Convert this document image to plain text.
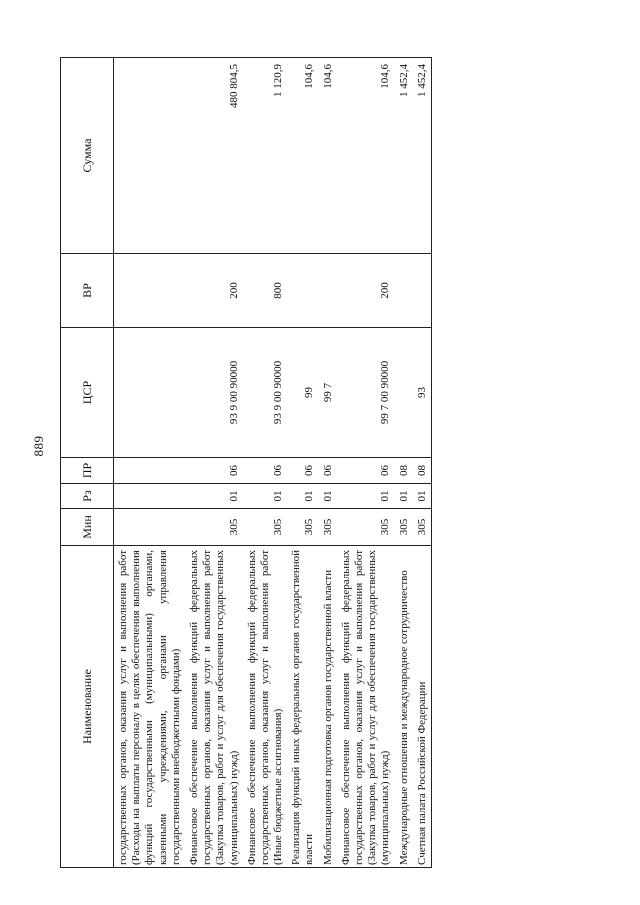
889
Наименование	Мин	Рз	ПР	ЦСР	ВР	Сумма
государственных органов, оказания услуг и выполнения работ (Расходы на выплаты персоналу в целях обеспечения выполнения функций государственными (муниципальными) органами, казенными учреждениями, органами управления государственными внебюджетными фондами)						
Финансовое обеспечение выполнения функций федеральных государственных органов, оказания услуг и выполнения работ (Закупка товаров, работ и услуг для обеспечения государственных (муниципальных) нужд)	305	01	06	93 9 00 90000	200	480 804,5
Финансовое обеспечение выполнения функций федеральных государственных органов, оказания услуг и выполнения работ (Иные бюджетные ассигнования)	305	01	06	93 9 00 90000	800	1 120,9
Реализация функций иных федеральных органов государственной власти	305	01	06	99		104,6
Мобилизационная подготовка органов государственной власти	305	01	06	99 7		104,6
Финансовое обеспечение выполнения функций федеральных государственных органов, оказания услуг и выполнения работ (Закупка товаров, работ и услуг для обеспечения государственных (муниципальных) нужд)	305	01	06	99 7 00 90000	200	104,6
Международные отношения и международное сотрудничество	305	01	08			1 452,4
Счетная палата Российской Федерации	305	01	08	93		1 452,4
